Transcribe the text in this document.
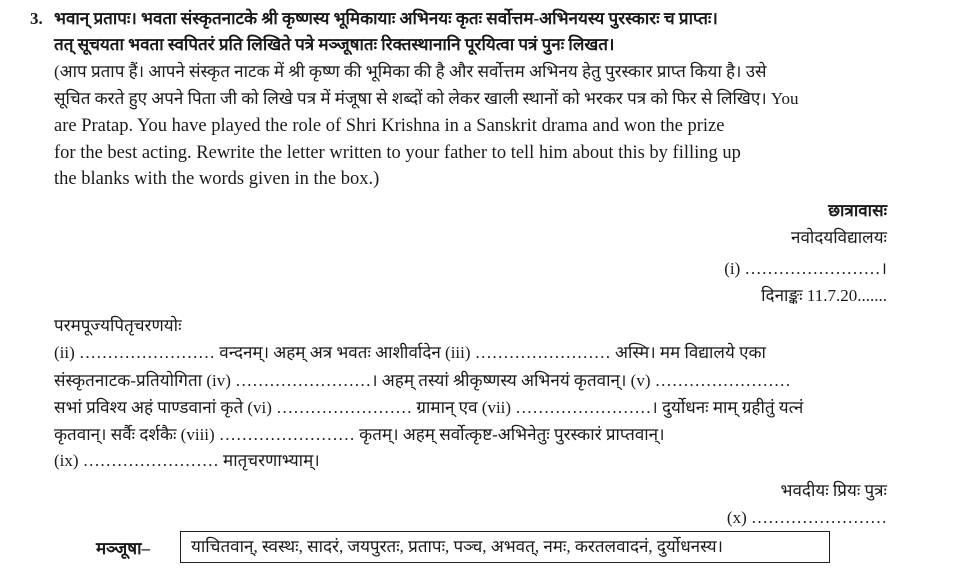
3. भवान् प्रतापः। भवता संस्कृतनाटके श्री कृष्णस्य भूमिकायाः अभिनयः कृतः सर्वोत्तम-अभिनयस्य पुरस्कारः च प्राप्तः।
तत् सूचयता भवता स्वपितरं प्रति लिखिते पत्रे मञ्जूषातः रिक्तस्थानानि पूरयित्वा पत्रं पुनः लिखत।
(आप प्रताप हैं। आपने संस्कृत नाटक में श्री कृष्ण की भूमिका की है और सर्वोत्तम अभिनय हेतु पुरस्कार प्राप्त किया है। उसे
सूचित करते हुए अपने पिता जी को लिखे पत्र में मंजूषा से शब्दों को लेकर खाली स्थानों को भरकर पत्र को फिर से लिखिए। You
are Pratap. You have played the role of Shri Krishna in a Sanskrit drama and won the prize
for the best acting. Rewrite the letter written to your father to tell him about this by filling up
the blanks with the words given in the box.)
छात्रावासः
नवोदयविद्यालयः
(i) ……………………।
दिनाङ्कः 11.7.20.......
परमपूज्यपितृचरणयोः
(ii) …………………… वन्दनम्। अहम् अत्र भवतः आशीर्वादेन (iii) …………………… अस्मि। मम विद्यालये एका
संस्कृतनाटक-प्रतियोगिता (iv) ……………………। अहम् तस्यां श्रीकृष्णस्य अभिनयं कृतवान्। (v) ……………………
सभां प्रविश्य अहं पाण्डवानां कृते (vi) …………………… ग्रामान् एव (vii) ……………………। दुर्योधनः माम् ग्रहीतुं यत्नं
कृतवान्। सर्वैः दर्शकैः (viii) …………………… कृतम्। अहम् सर्वोत्कृष्ट-अभिनेतुः पुरस्कारं प्राप्तवान्।
(ix) …………………… मातृचरणाभ्याम्।
भवदीयः प्रियः पुत्रः
(x) ……………………
मञ्जूषा–	याचितवान्, स्वस्थः, सादरं, जयपुरतः, प्रतापः, पञ्च, अभवत्, नमः, करतलवादनं, दुर्योधनस्य।
